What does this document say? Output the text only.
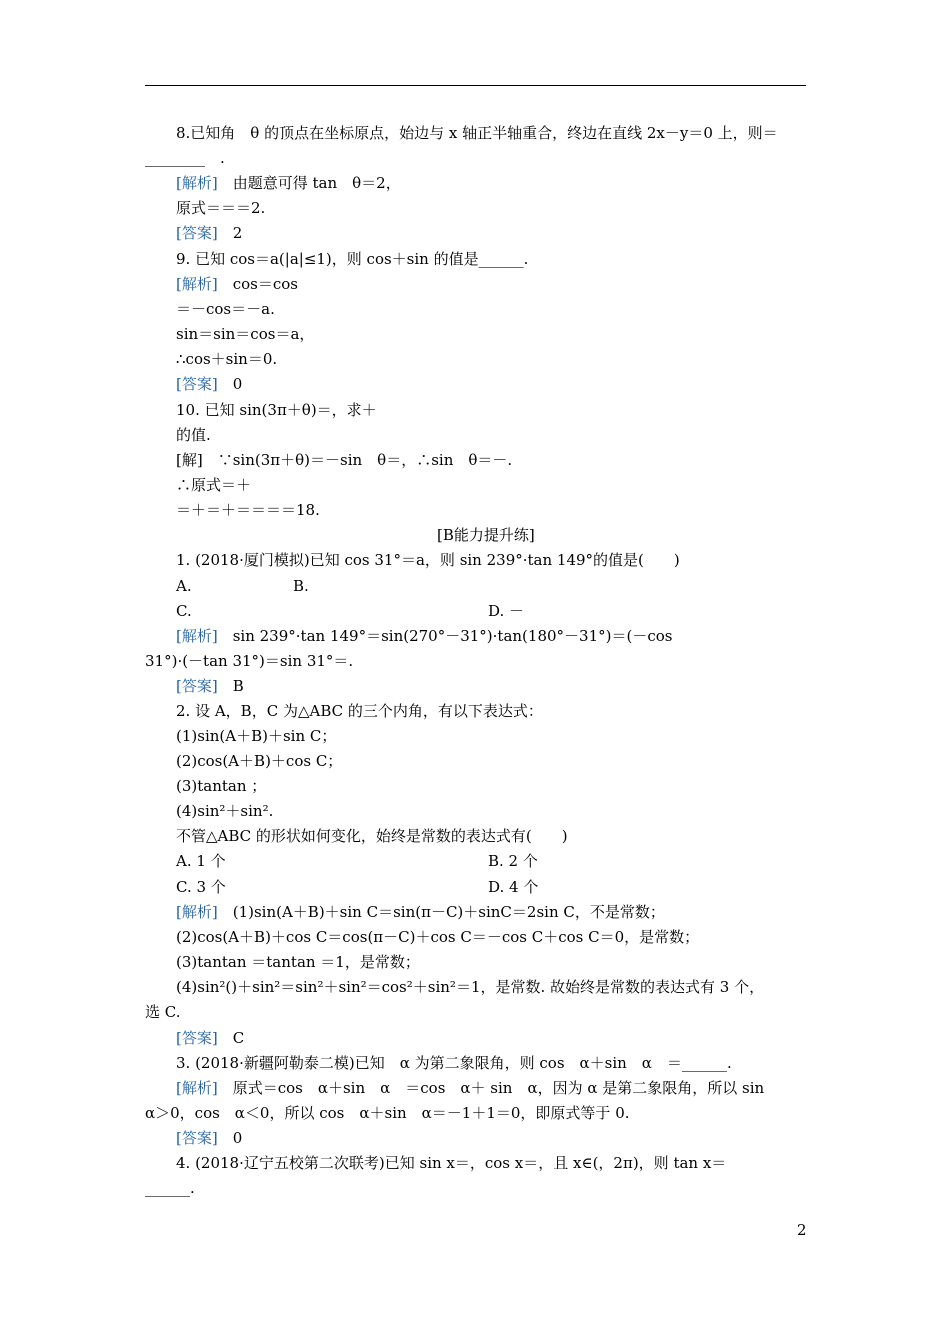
8.已知角　θ 的顶点在坐标原点，始边与 x 轴正半轴重合，终边在直线 2x－y＝0 上，则＝
________　.
[解析]　由题意可得 tan　θ＝2，
原式＝＝＝2.
[答案]　2
9. 已知 cos＝a(|a|≤1)，则 cos＋sin 的值是______.
[解析]　cos＝cos
＝－cos＝－a.
sin＝sin＝cos＝a，
∴cos＋sin＝0.
[答案]　0
10. 已知 sin(3π＋θ)＝，求＋
的值.
[解]　∵sin(3π＋θ)＝－sin　θ＝，∴sin　θ＝－.
∴原式＝＋
＝＋＝＋＝＝＝＝18.
[B能力提升练]
1. (2018·厦门模拟)已知 cos 31°＝a，则 sin 239°·tan 149°的值是(　　)
A.	B.
C.	D. －
[解析]　sin 239°·tan 149°＝sin(270°－31°)·tan(180°－31°)＝(－cos
31°)·(－tan 31°)＝sin 31°＝.
[答案]　B
2. 设 A，B，C 为△ABC 的三个内角，有以下表达式：
(1)sin(A＋B)＋sin C；
(2)cos(A＋B)＋cos C；
(3)tantan ；
(4)sin²＋sin².
不管△ABC 的形状如何变化，始终是常数的表达式有(　　)
A. 1 个	B. 2 个
C. 3 个	D. 4 个
[解析]　(1)sin(A＋B)＋sin C＝sin(π－C)＋sinC＝2sin C，不是常数；
(2)cos(A＋B)＋cos C＝cos(π－C)＋cos C＝－cos C＋cos C＝0，是常数；
(3)tantan ＝tantan ＝1，是常数；
(4)sin²()＋sin²＝sin²＋sin²＝cos²＋sin²＝1，是常数. 故始终是常数的表达式有 3 个，
选 C.
[答案]　C
3. (2018·新疆阿勒泰二模)已知　α 为第二象限角，则 cos　α＋sin　α　＝______.
[解析]　原式＝cos　α＋sin　α　＝cos　α＋ sin　α，因为 α 是第二象限角，所以 sin
α＞0，cos　α＜0，所以 cos　α＋sin　α＝－1＋1＝0，即原式等于 0.
[答案]　0
4. (2018·辽宁五校第二次联考)已知 sin x＝，cos x＝，且 x∈(，2π)，则 tan x＝
______.
2
